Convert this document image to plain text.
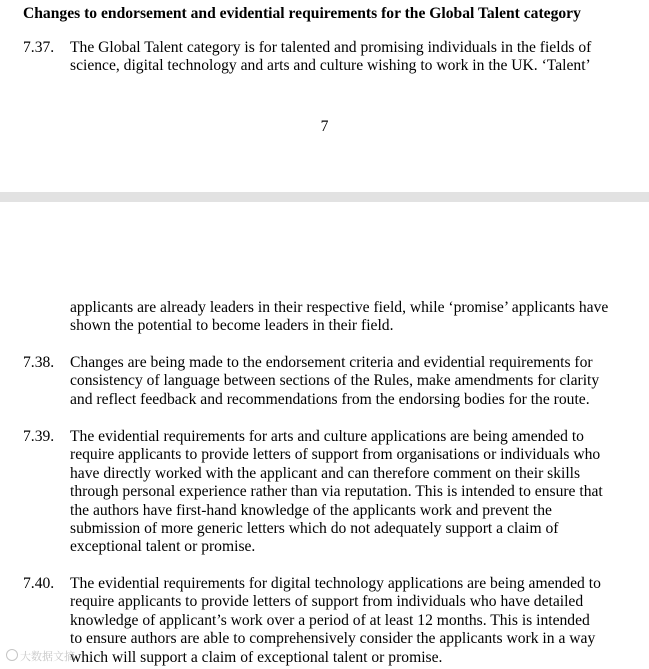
Changes to endorsement and evidential requirements for the Global Talent category
7.37.	The Global Talent category is for talented and promising individuals in the fields of
science, digital technology and arts and culture wishing to work in the UK. ‘Talent’
7
applicants are already leaders in their respective field, while ‘promise’ applicants have
shown the potential to become leaders in their field.
7.38.	Changes are being made to the endorsement criteria and evidential requirements for
consistency of language between sections of the Rules, make amendments for clarity
and reflect feedback and recommendations from the endorsing bodies for the route.
7.39.	The evidential requirements for arts and culture applications are being amended to
require applicants to provide letters of support from organisations or individuals who
have directly worked with the applicant and can therefore comment on their skills
through personal experience rather than via reputation. This is intended to ensure that
the authors have first-hand knowledge of the applicants work and prevent the
submission of more generic letters which do not adequately support a claim of
exceptional talent or promise.
7.40.	The evidential requirements for digital technology applications are being amended to
require applicants to provide letters of support from individuals who have detailed
knowledge of applicant’s work over a period of at least 12 months. This is intended
to ensure authors are able to comprehensively consider the applicants work in a way
which will support a claim of exceptional talent or promise.
大数据文摘
